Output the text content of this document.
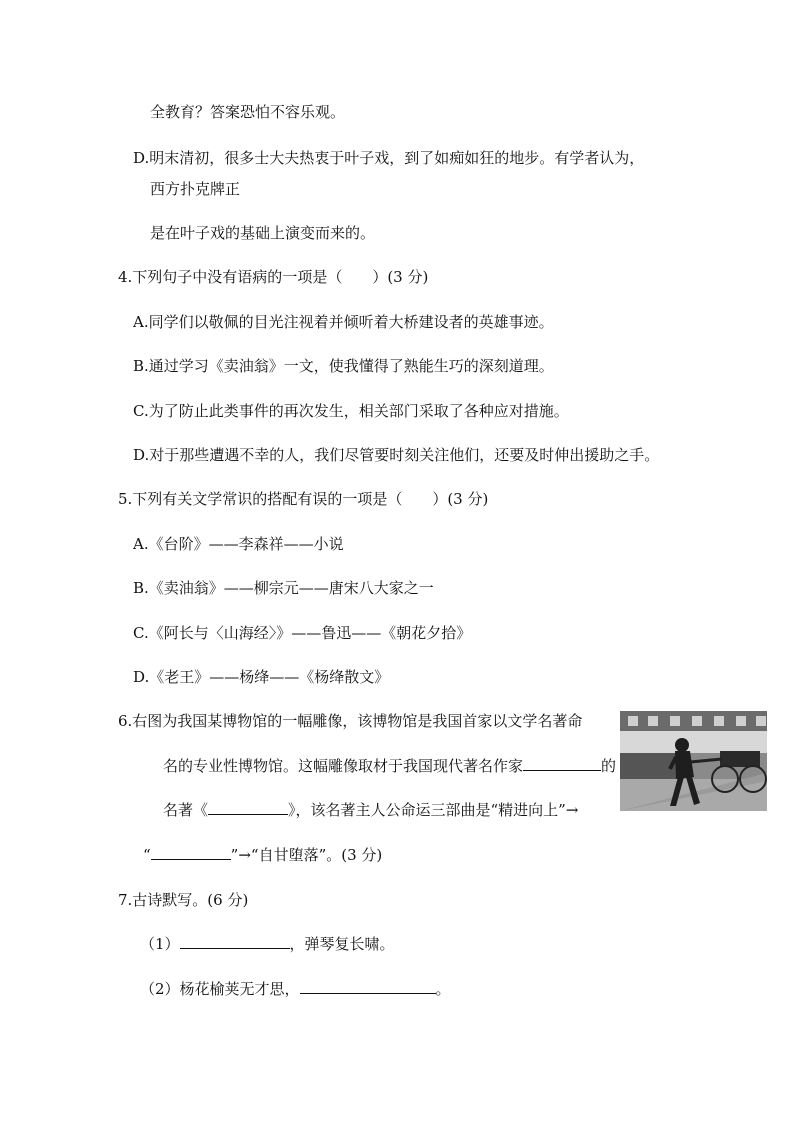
全教育？答案恐怕不容乐观。
D.明末清初，很多士大夫热衷于叶子戏，到了如痴如狂的地步。有学者认为，
西方扑克牌正
是在叶子戏的基础上演变而来的。
4.下列句子中没有语病的一项是（　　）(3 分)
A.同学们以敬佩的目光注视着并倾听着大桥建设者的英雄事迹。
B.通过学习《卖油翁》一文，使我懂得了熟能生巧的深刻道理。
C.为了防止此类事件的再次发生，相关部门采取了各种应对措施。
D.对于那些遭遇不幸的人，我们尽管要时刻关注他们，还要及时伸出援助之手。
5.下列有关文学常识的搭配有误的一项是（　　）(3 分)
A.《台阶》——李森祥——小说
B.《卖油翁》——柳宗元——唐宋八大家之一
C.《阿长与〈山海经〉》——鲁迅——《朝花夕拾》
D.《老王》——杨绛——《杨绛散文》
6.右图为我国某博物馆的一幅雕像，该博物馆是我国首家以文学名著命
名的专业性博物馆。这幅雕像取材于我国现代著名作家	的
名著《	》，该名著主人公命运三部曲是“精进向上”→
“	”→“自甘堕落”。(3 分)
7.古诗默写。(6 分)
（1）	，弹琴复长啸。
（2）杨花榆荚无才思，	。
